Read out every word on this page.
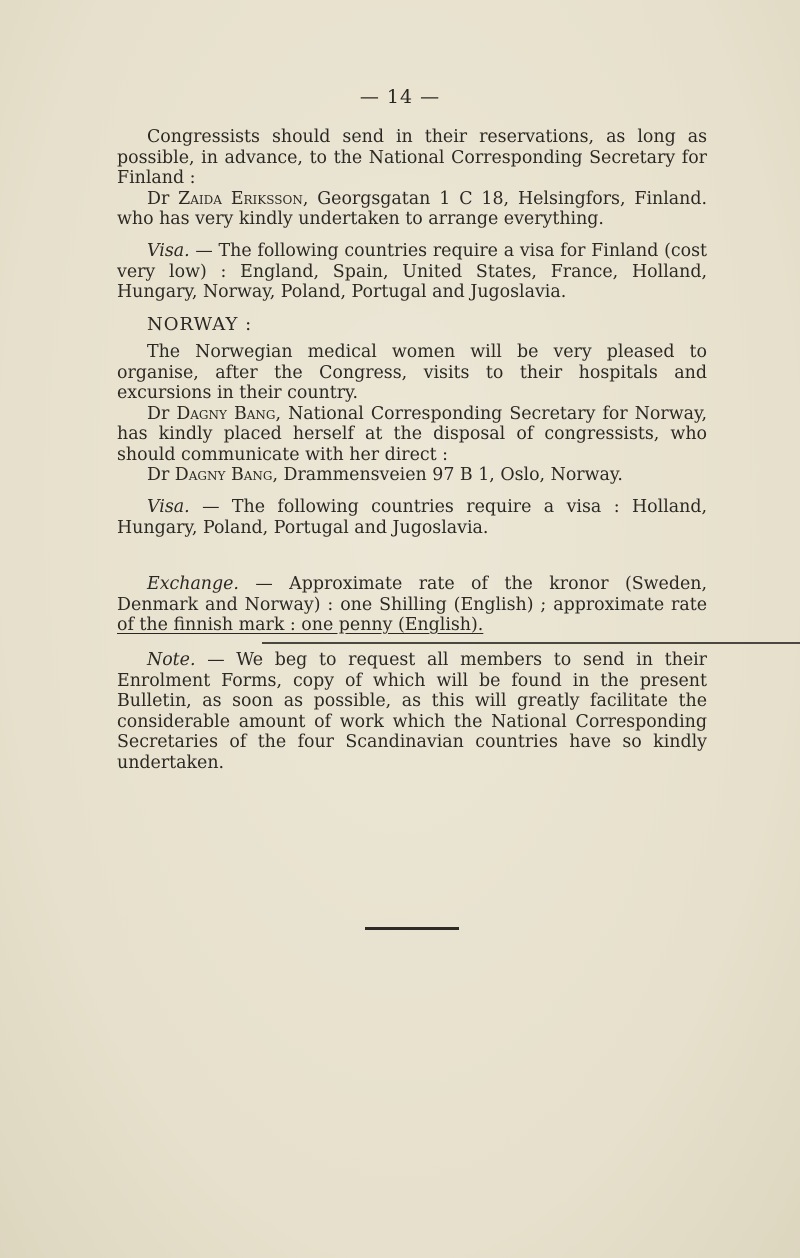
— 14 —

Congressists should send in their reservations, as long as possible, in advance, to the National Corresponding Secretary for Finland :

Dr Zaida Eriksson, Georgsgatan 1 C 18, Helsingfors, Finland. who has very kindly undertaken to arrange everything.

Visa. — The following countries require a visa for Finland (cost very low) : England, Spain, United States, France, Holland, Hungary, Norway, Poland, Portugal and Jugoslavia.

NORWAY :

The Norwegian medical women will be very pleased to organise, after the Congress, visits to their hospitals and excursions in their country.

Dr Dagny Bang, National Corresponding Secretary for Norway, has kindly placed herself at the disposal of congressists, who should communicate with her direct :

Dr Dagny Bang, Drammensveien 97 B 1, Oslo, Norway.

Visa. — The following countries require a visa : Holland, Hungary, Poland, Portugal and Jugoslavia.

Exchange. — Approximate rate of the kronor (Sweden, Denmark and Norway) : one Shilling (English) ; approximate rate of the finnish mark : one penny (English).

Note. — We beg to request all members to send in their Enrolment Forms, copy of which will be found in the present Bulletin, as soon as possible, as this will greatly facilitate the considerable amount of work which the National Corresponding Secretaries of the four Scandinavian countries have so kindly undertaken.
